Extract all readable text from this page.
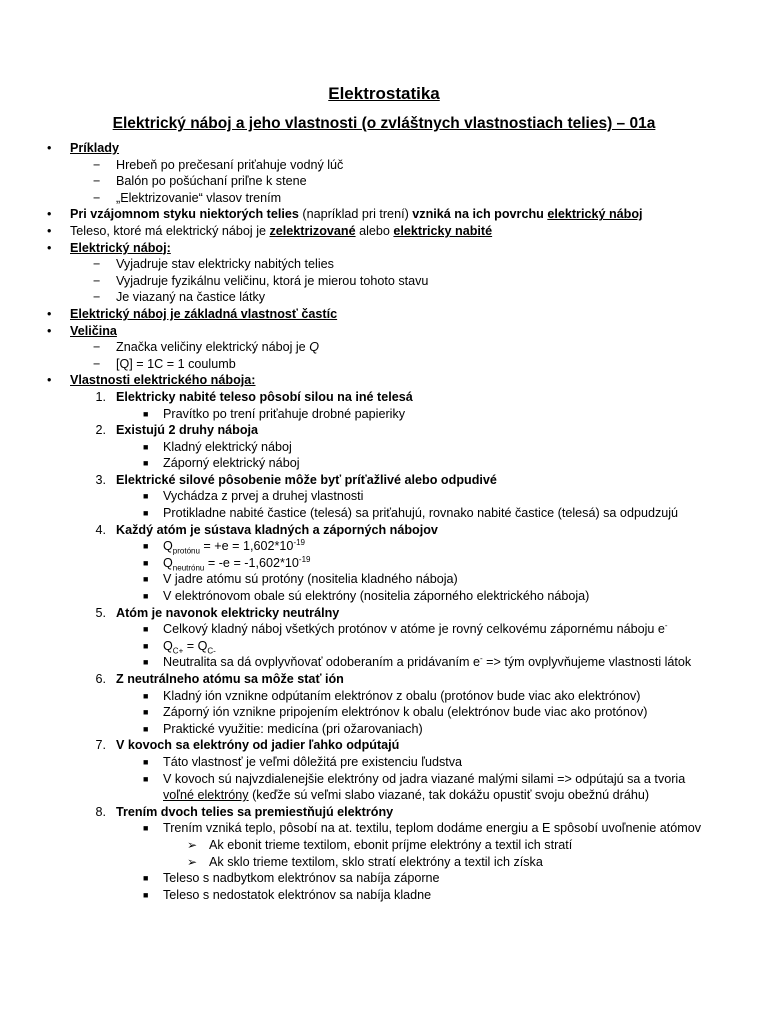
Elektrostatika
Elektrický náboj a jeho vlastnosti (o zvláštnych vlastnostiach telies) – 01a
• Príklady
− Hrebeň po prečesaní priťahuje vodný lúč
− Balón po pošúchaní priľne k stene
− „Elektrizovanie“ vlasov trením
• Pri vzájomnom styku niektorých telies (napríklad pri trení) vzniká na ich povrchu elektrický náboj
• Teleso, ktoré má elektrický náboj je zelektrizované alebo elektricky nabité
• Elektrický náboj:
− Vyjadruje stav elektricky nabitých telies
− Vyjadruje fyzikálnu veličinu, ktorá je mierou tohoto stavu
− Je viazaný na častice látky
• Elektrický náboj je základná vlastnosť častíc
• Veličina
− Značka veličiny elektrický náboj je Q
− [Q] = 1C = 1 coulumb
• Vlastnosti elektrického náboja:
1. Elektricky nabité teleso pôsobí silou na iné telesá
■ Pravítko po trení priťahuje drobné papieriky
2. Existujú 2 druhy náboja
■ Kladný elektrický náboj
■ Záporný elektrický náboj
3. Elektrické silové pôsobenie môže byť príťažlivé alebo odpudivé
■ Vychádza z prvej a druhej vlastnosti
■ Protikladne nabité častice (telesá) sa priťahujú, rovnako nabité častice (telesá) sa odpudzujú
4. Každý atóm je sústava kladných a záporných nábojov
■ $Q_{protónu} = +e = 1,602*10^{-19}$
■ $Q_{neutrónu} = -e = -1,602*10^{-19}$
■ V jadre atómu sú protóny (nositelia kladného náboja)
■ V elektrónovom obale sú elektróny (nositelia záporného elektrického náboja)
5. Atóm je navonok elektricky neutrálny
■ Celkový kladný náboj všetkých protónov v atóme je rovný celkovému zápornému náboju e-
■ $Q_{C+} = Q_{C-}$
■ Neutralita sa dá ovplyvňovať odoberaním a pridávaním e- => tým ovplyvňujeme vlastnosti látok
6. Z neutrálneho atómu sa môže stať ión
■ Kladný ión vznikne odpútaním elektrónov z obalu (protónov bude viac ako elektrónov)
■ Záporný ión vznikne pripojením elektrónov k obalu (elektrónov bude viac ako protónov)
■ Praktické využitie: medicína (pri ožarovaniach)
7. V kovoch sa elektróny od jadier ľahko odpútajú
■ Táto vlastnosť je veľmi dôležitá pre existenciu ľudstva
■ V kovoch sú najvzdialenejšie elektróny od jadra viazané malými silami => odpútajú sa a tvoria
voľné elektróny (keďže sú veľmi slabo viazané, tak dokážu opustiť svoju obežnú dráhu)
8. Trením dvoch telies sa premiestňujú elektróny
■ Trením vzniká teplo, pôsobí na at. textilu, teplom dodáme energiu a E spôsobí uvoľnenie atómov
➢ Ak ebonit trieme textilom, ebonit príjme elektróny a textil ich stratí
➢ Ak sklo trieme textilom, sklo stratí elektróny a textil ich získa
■ Teleso s nadbytkom elektrónov sa nabíja záporne
■ Teleso s nedostatok elektrónov sa nabíja kladne
